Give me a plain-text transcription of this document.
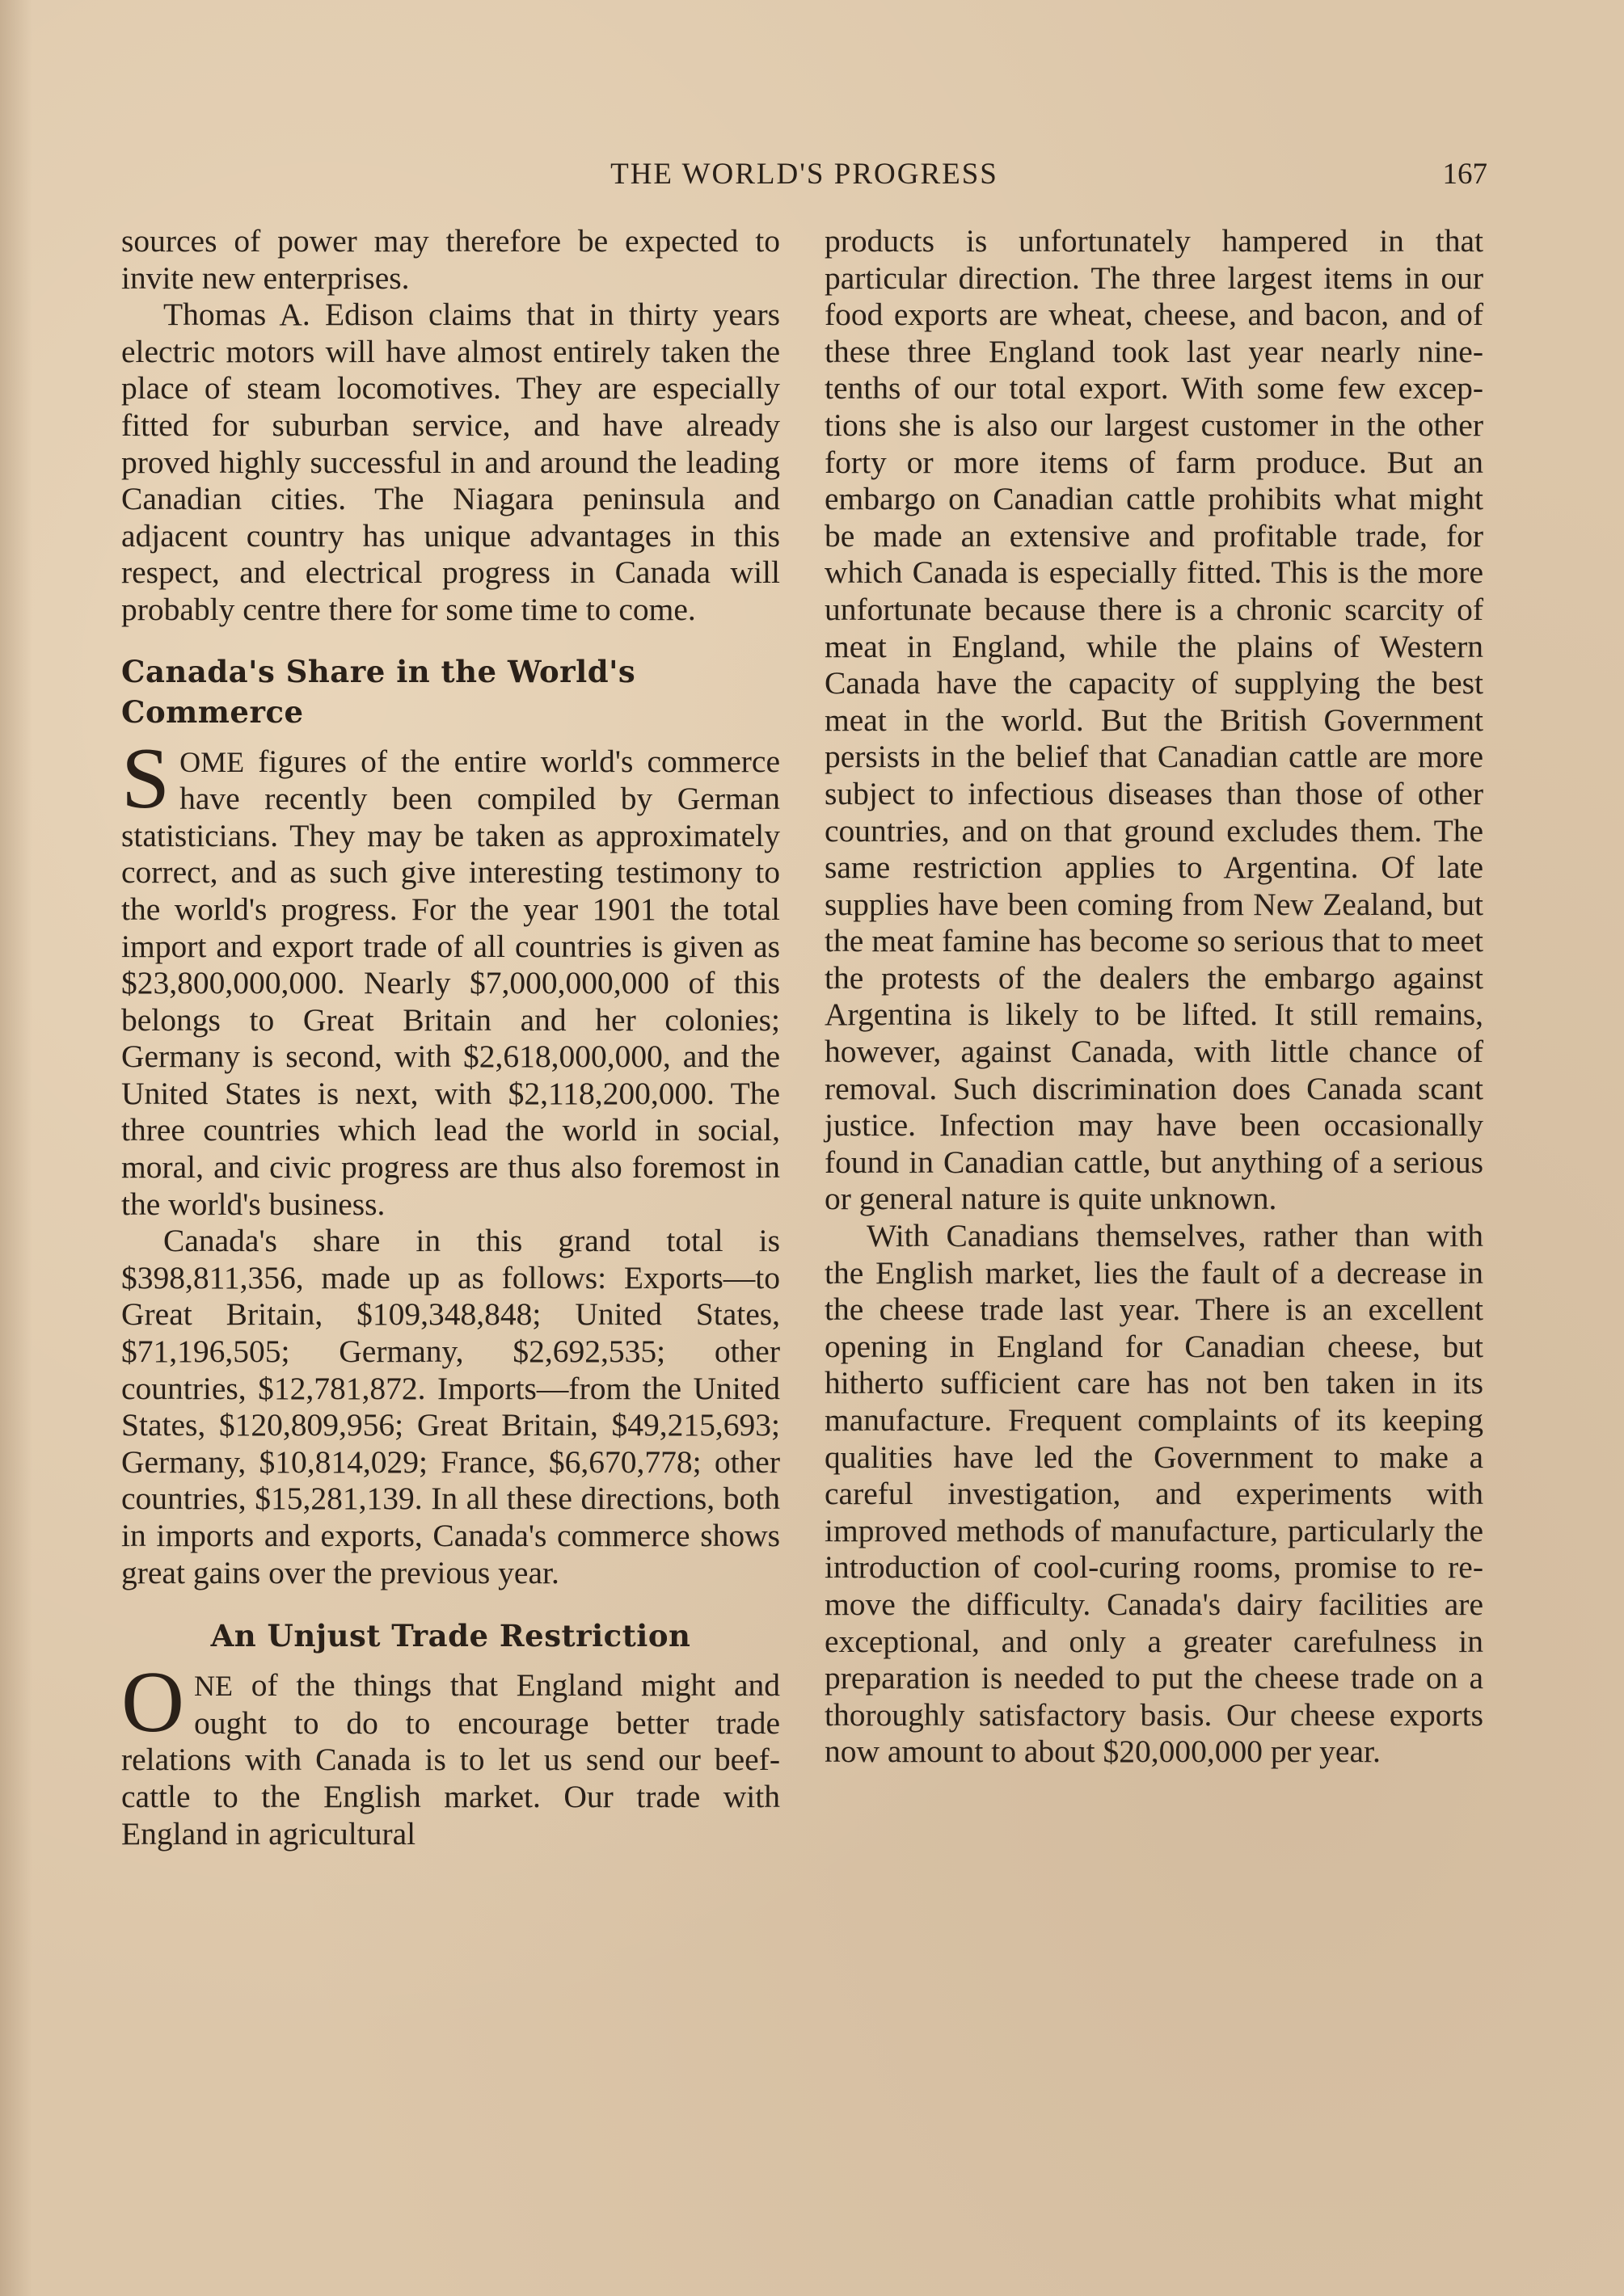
THE WORLD'S PROGRESS	167

sources of power may therefore be expected to invite new enterprises.

Thomas A. Edison claims that in thirty years electric motors will have almost entirely taken the place of steam locomotives. They are especially fitted for suburban service, and have already proved highly successful in and around the leading Canadian cities. The Niagara peninsula and adjacent country has unique advantages in this respect, and electrical progress in Canada will probably centre there for some time to come.

Canada's Share in the World's Commerce

SOME figures of the entire world's commerce have recently been compiled by German statisticians. They may be taken as approximately correct, and as such give interesting testimony to the world's progress. For the year 1901 the total import and export trade of all countries is given as $23,800,000,000. Nearly $7,000,000,000 of this belongs to Great Britain and her colonies; Germany is second, with $2,618,000,000, and the United States is next, with $2,118,200,000. The three countries which lead the world in social, moral, and civic progress are thus also foremost in the world's business.

Canada's share in this grand total is $398,811,356, made up as follows: Exports—to Great Britain, $109,348,848; United States, $71,196,505; Germany, $2,692,535; other countries, $12,781,872. Imports—from the United States, $120,809,956; Great Britain, $49,215,693; Germany, $10,814,029; France, $6,670,778; other countries, $15,281,139. In all these directions, both in imports and exports, Canada's commerce shows great gains over the previous year.

An Unjust Trade Restriction

ONE of the things that England might and ought to do to encourage better trade relations with Canada is to let us send our beef-cattle to the English market. Our trade with England in agricultural

products is unfortunately hampered in that particular direction. The three largest items in our food exports are wheat, cheese, and bacon, and of these three England took last year nearly nine-tenths of our total export. With some few exceptions she is also our largest customer in the other forty or more items of farm produce. But an embargo on Canadian cattle prohibits what might be made an extensive and profitable trade, for which Canada is especially fitted. This is the more unfortunate because there is a chronic scarcity of meat in England, while the plains of Western Canada have the capacity of supplying the best meat in the world. But the British Government persists in the belief that Canadian cattle are more subject to infectious diseases than those of other countries, and on that ground excludes them. The same restriction applies to Argentina. Of late supplies have been coming from New Zealand, but the meat famine has become so serious that to meet the protests of the dealers the embargo against Argentina is likely to be lifted. It still remains, however, against Canada, with little chance of removal. Such discrimination does Canada scant justice. Infection may have been occasionally found in Canadian cattle, but anything of a serious or general nature is quite unknown.

With Canadians themselves, rather than with the English market, lies the fault of a decrease in the cheese trade last year. There is an excellent opening in England for Canadian cheese, but hitherto sufficient care has not ben taken in its manufacture. Frequent complaints of its keeping qualities have led the Government to make a careful investigation, and experiments with improved methods of manufacture, particularly the introduction of cool-curing rooms, promise to remove the difficulty. Canada's dairy facilities are exceptional, and only a greater carefulness in preparation is needed to put the cheese trade on a thoroughly satisfactory basis. Our cheese exports now amount to about $20,000,000 per year.
